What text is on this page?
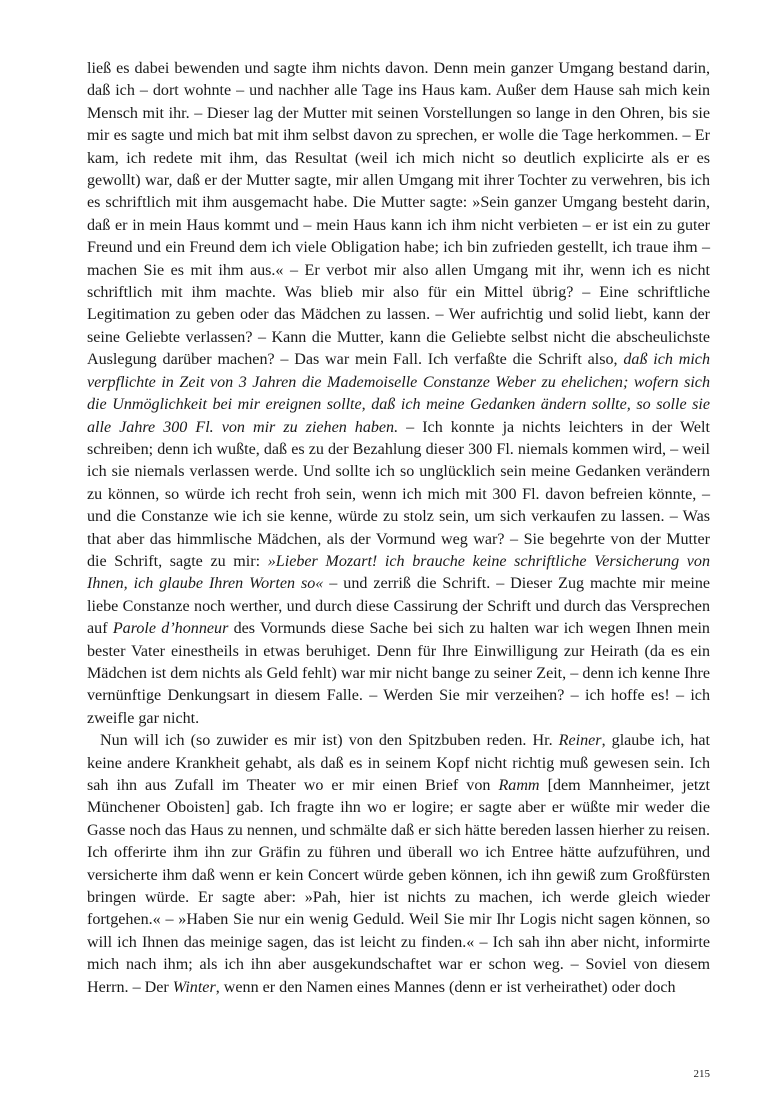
ließ es dabei bewenden und sagte ihm nichts davon. Denn mein ganzer Umgang bestand darin, daß ich – dort wohnte – und nachher alle Tage ins Haus kam. Außer dem Hause sah mich kein Mensch mit ihr. – Dieser lag der Mutter mit seinen Vorstellungen so lange in den Ohren, bis sie mir es sagte und mich bat mit ihm selbst davon zu sprechen, er wolle die Tage herkommen. – Er kam, ich redete mit ihm, das Resultat (weil ich mich nicht so deutlich explicirte als er es gewollt) war, daß er der Mutter sagte, mir allen Umgang mit ihrer Tochter zu verwehren, bis ich es schriftlich mit ihm ausgemacht habe. Die Mutter sagte: »Sein ganzer Umgang besteht darin, daß er in mein Haus kommt und – mein Haus kann ich ihm nicht verbieten – er ist ein zu guter Freund und ein Freund dem ich viele Obligation habe; ich bin zufrieden gestellt, ich traue ihm – machen Sie es mit ihm aus.« – Er verbot mir also allen Umgang mit ihr, wenn ich es nicht schriftlich mit ihm machte. Was blieb mir also für ein Mittel übrig? – Eine schriftliche Legitimation zu geben oder das Mädchen zu lassen. – Wer aufrichtig und solid liebt, kann der seine Geliebte verlassen? – Kann die Mutter, kann die Geliebte selbst nicht die abscheulichste Auslegung darüber machen? – Das war mein Fall. Ich verfaßte die Schrift also, daß ich mich verpflichte in Zeit von 3 Jahren die Mademoiselle Constanze Weber zu ehelichen; wofern sich die Unmöglichkeit bei mir ereignen sollte, daß ich meine Gedanken ändern sollte, so solle sie alle Jahre 300 Fl. von mir zu ziehen haben. – Ich konnte ja nichts leichters in der Welt schreiben; denn ich wußte, daß es zu der Bezahlung dieser 300 Fl. niemals kommen wird, – weil ich sie niemals verlassen werde. Und sollte ich so unglücklich sein meine Gedanken verändern zu können, so würde ich recht froh sein, wenn ich mich mit 300 Fl. davon befreien könnte, – und die Constanze wie ich sie kenne, würde zu stolz sein, um sich verkaufen zu lassen. – Was that aber das himmlische Mädchen, als der Vormund weg war? – Sie begehrte von der Mutter die Schrift, sagte zu mir: »Lieber Mozart! ich brauche keine schriftliche Versicherung von Ihnen, ich glaube Ihren Worten so« – und zerriß die Schrift. – Dieser Zug machte mir meine liebe Constanze noch werther, und durch diese Cassirung der Schrift und durch das Versprechen auf Parole d’honneur des Vormunds diese Sache bei sich zu halten war ich wegen Ihnen mein bester Vater einestheils in etwas beruhiget. Denn für Ihre Einwilligung zur Heirath (da es ein Mädchen ist dem nichts als Geld fehlt) war mir nicht bange zu seiner Zeit, – denn ich kenne Ihre vernünftige Denkungsart in diesem Falle. – Werden Sie mir verzeihen? – ich hoffe es! – ich zweifle gar nicht.

Nun will ich (so zuwider es mir ist) von den Spitzbuben reden. Hr. Reiner, glaube ich, hat keine andere Krankheit gehabt, als daß es in seinem Kopf nicht richtig muß gewesen sein. Ich sah ihn aus Zufall im Theater wo er mir einen Brief von Ramm [dem Mannheimer, jetzt Münchener Oboisten] gab. Ich fragte ihn wo er logire; er sagte aber er wüßte mir weder die Gasse noch das Haus zu nennen, und schmälte daß er sich hätte bereden lassen hierher zu reisen. Ich offerirte ihm ihn zur Gräfin zu führen und überall wo ich Entree hätte aufzuführen, und versicherte ihm daß wenn er kein Concert würde geben können, ich ihn gewiß zum Großfürsten bringen würde. Er sagte aber: »Pah, hier ist nichts zu machen, ich werde gleich wieder fortgehen.« – »Haben Sie nur ein wenig Geduld. Weil Sie mir Ihr Logis nicht sagen können, so will ich Ihnen das meinige sagen, das ist leicht zu finden.« – Ich sah ihn aber nicht, informirte mich nach ihm; als ich ihn aber ausgekundschaftet war er schon weg. – Soviel von diesem Herrn. – Der Winter, wenn er den Namen eines Mannes (denn er ist verheirathet) oder doch

215
